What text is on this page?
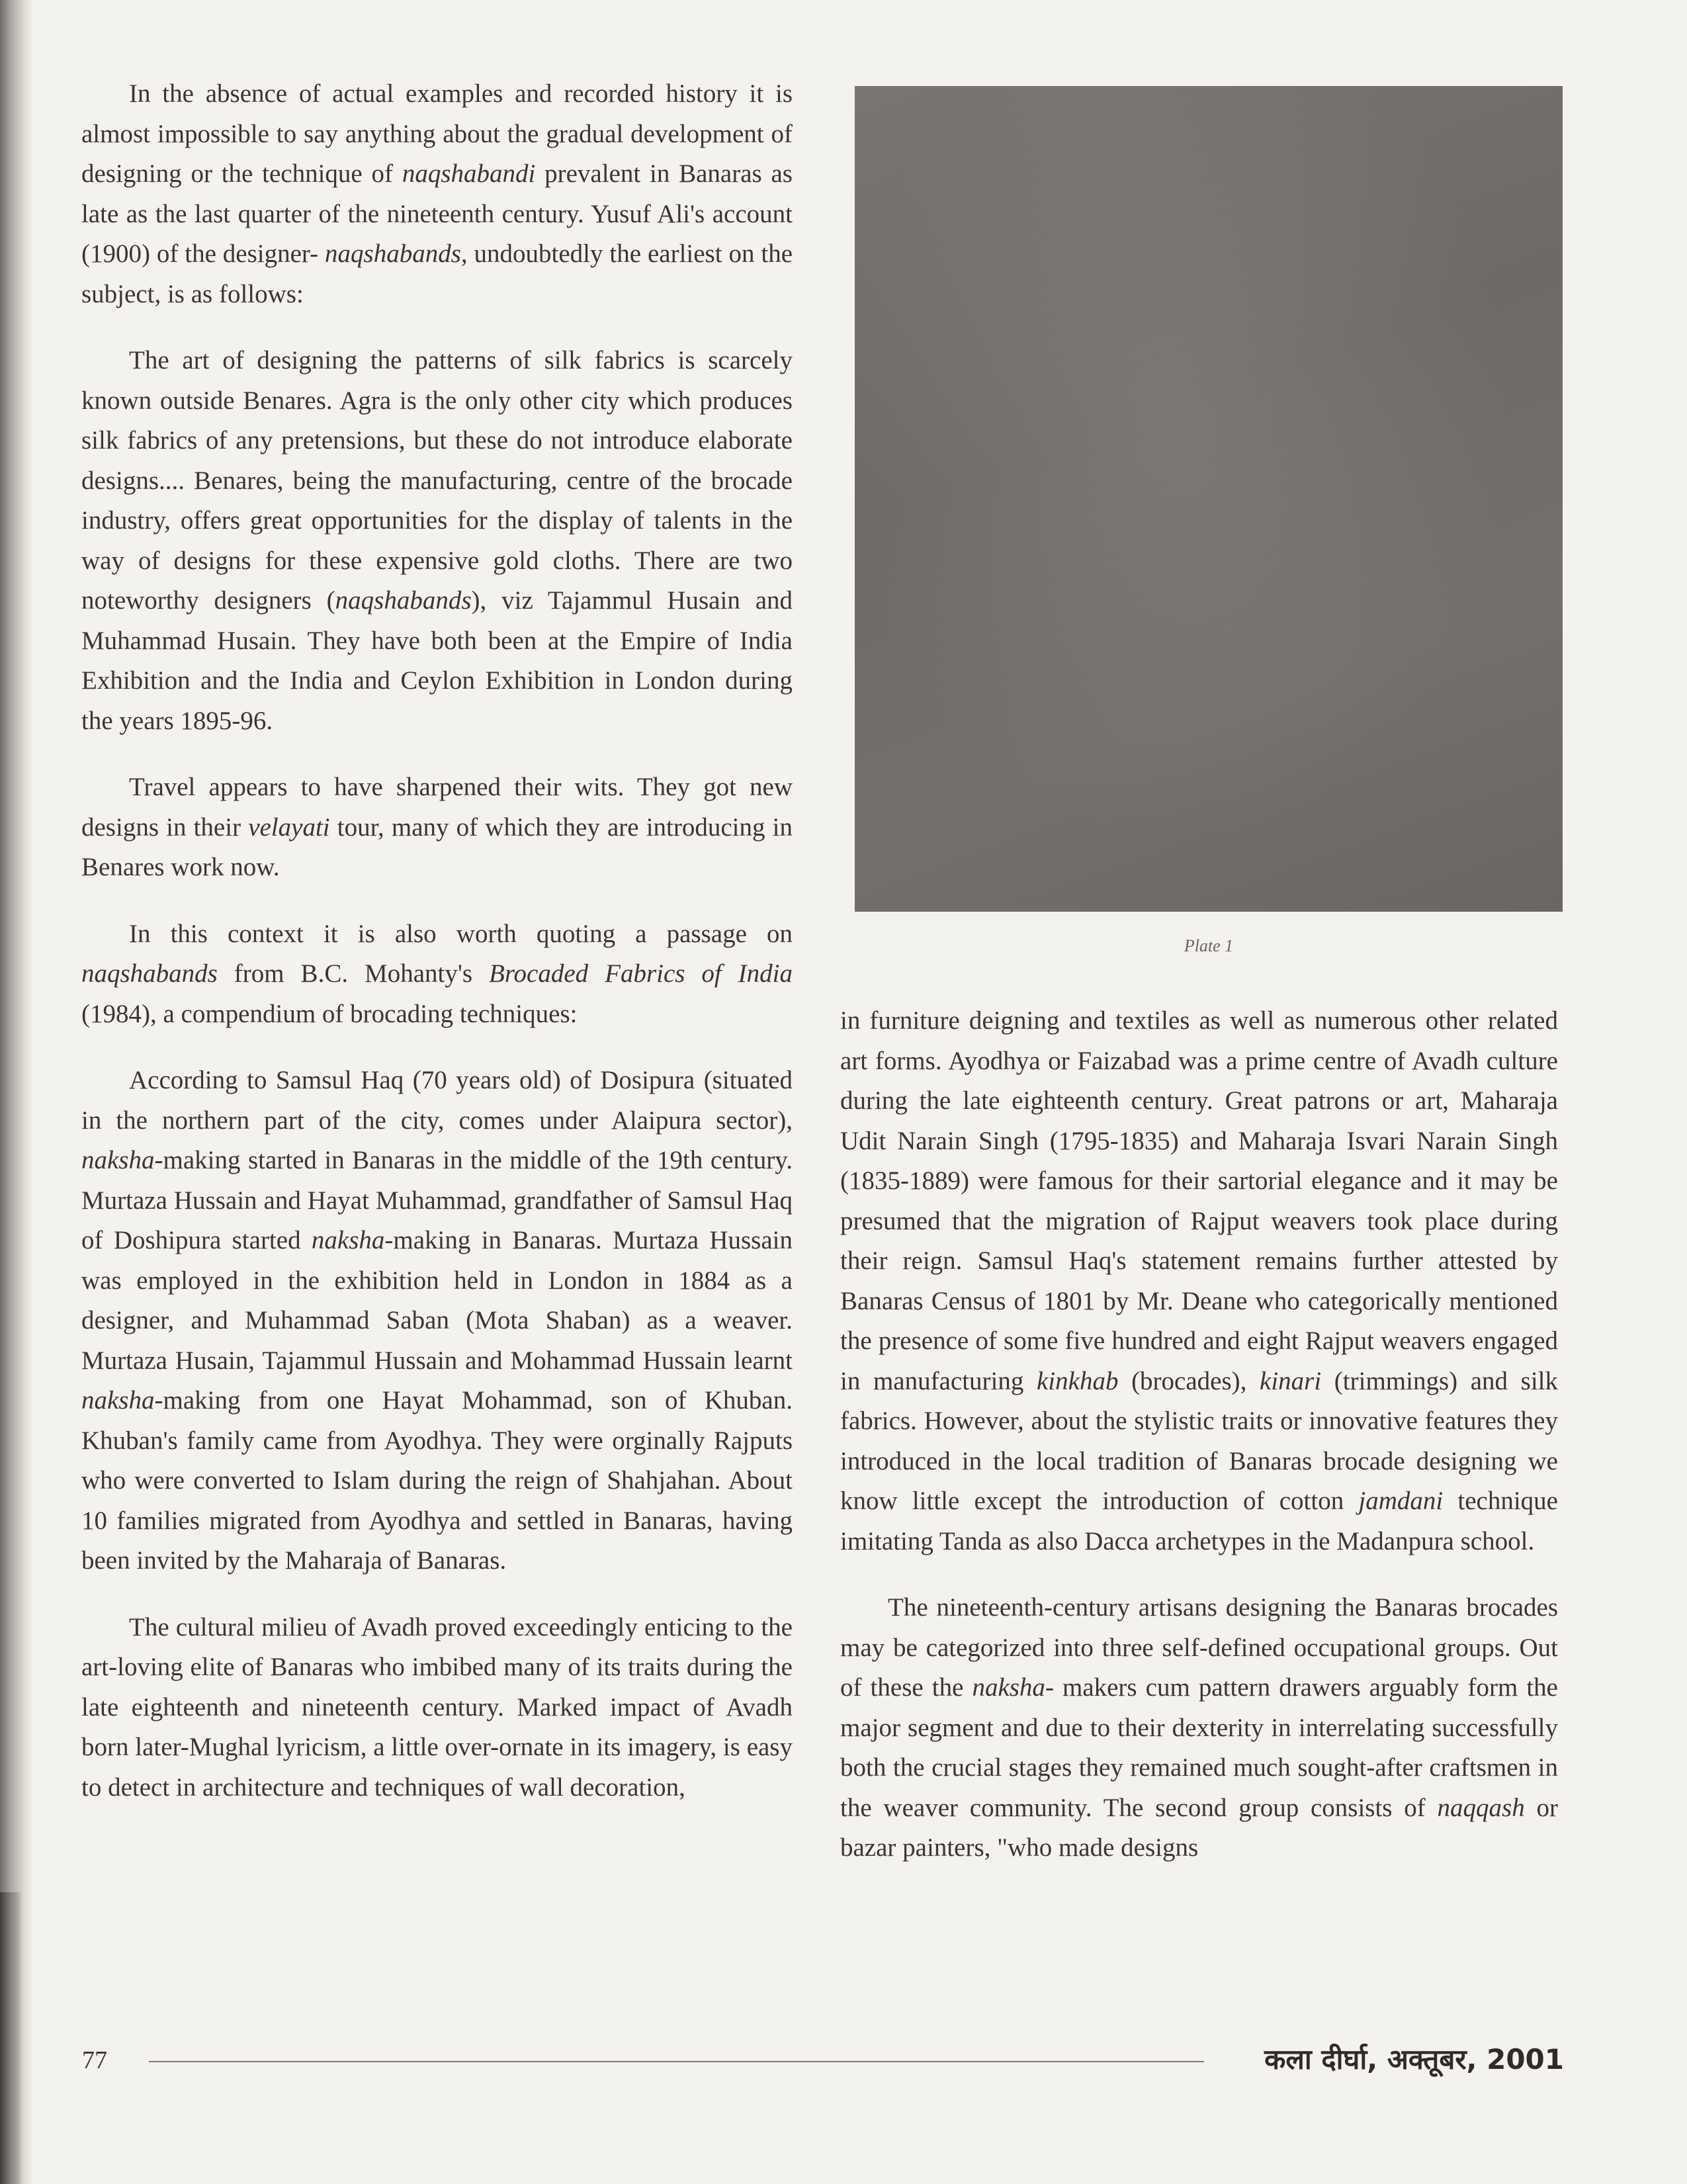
In the absence of actual examples and recorded history it is almost impossible to say anything about the gradual development of designing or the technique of naqshabandi prevalent in Banaras as late as the last quarter of the nineteenth century. Yusuf Ali's account (1900) of the designer- naqshabands, undoubtedly the earliest on the subject, is as follows:

The art of designing the patterns of silk fabrics is scarcely known outside Benares. Agra is the only other city which produces silk fabrics of any pretensions, but these do not introduce elaborate designs.... Benares, being the manufacturing, centre of the brocade industry, offers great opportunities for the display of talents in the way of designs for these expensive gold cloths. There are two noteworthy designers (naqshabands), viz Tajammul Husain and Muhammad Husain. They have both been at the Empire of India Exhibition and the India and Ceylon Exhibition in London during the years 1895-96.

Travel appears to have sharpened their wits. They got new designs in their velayati tour, many of which they are introducing in Benares work now.

In this context it is also worth quoting a passage on naqshabands from B.C. Mohanty's Brocaded Fabrics of India (1984), a compendium of brocading techniques:

According to Samsul Haq (70 years old) of Dosipura (situated in the northern part of the city, comes under Alaipura sector), naksha-making started in Banaras in the middle of the 19th century. Murtaza Hussain and Hayat Muhammad, grandfather of Samsul Haq of Doshipura started naksha-making in Banaras. Murtaza Hussain was employed in the exhibition held in London in 1884 as a designer, and Muhammad Saban (Mota Shaban) as a weaver. Murtaza Husain, Tajammul Hussain and Mohammad Hussain learnt naksha-making from one Hayat Mohammad, son of Khuban. Khuban's family came from Ayodhya. They were orginally Rajputs who were converted to Islam during the reign of Shahjahan. About 10 families migrated from Ayodhya and settled in Banaras, having been invited by the Maharaja of Banaras.

The cultural milieu of Avadh proved exceedingly enticing to the art-loving elite of Banaras who imbibed many of its traits during the late eighteenth and nineteenth century. Marked impact of Avadh born later-Mughal lyricism, a little over-ornate in its imagery, is easy to detect in architecture and techniques of wall decoration,

Plate 1

in furniture deigning and textiles as well as numerous other related art forms. Ayodhya or Faizabad was a prime centre of Avadh culture during the late eighteenth century. Great patrons or art, Maharaja Udit Narain Singh (1795-1835) and Maharaja Isvari Narain Singh (1835-1889) were famous for their sartorial elegance and it may be presumed that the migration of Rajput weavers took place during their reign. Samsul Haq's statement remains further attested by Banaras Census of 1801 by Mr. Deane who categorically mentioned the presence of some five hundred and eight Rajput weavers engaged in manufacturing kinkhab (brocades), kinari (trimmings) and silk fabrics. However, about the stylistic traits or innovative features they introduced in the local tradition of Banaras brocade designing we know little except the introduction of cotton jamdani technique imitating Tanda as also Dacca archetypes in the Madanpura school.

The nineteenth-century artisans designing the Banaras brocades may be categorized into three self-defined occupational groups. Out of these the naksha- makers cum pattern drawers arguably form the major segment and due to their dexterity in interrelating successfully both the crucial stages they remained much sought-after craftsmen in the weaver community. The second group consists of naqqash or bazar painters, "who made designs

77	कला दीर्घा, अक्तूबर, 2001
